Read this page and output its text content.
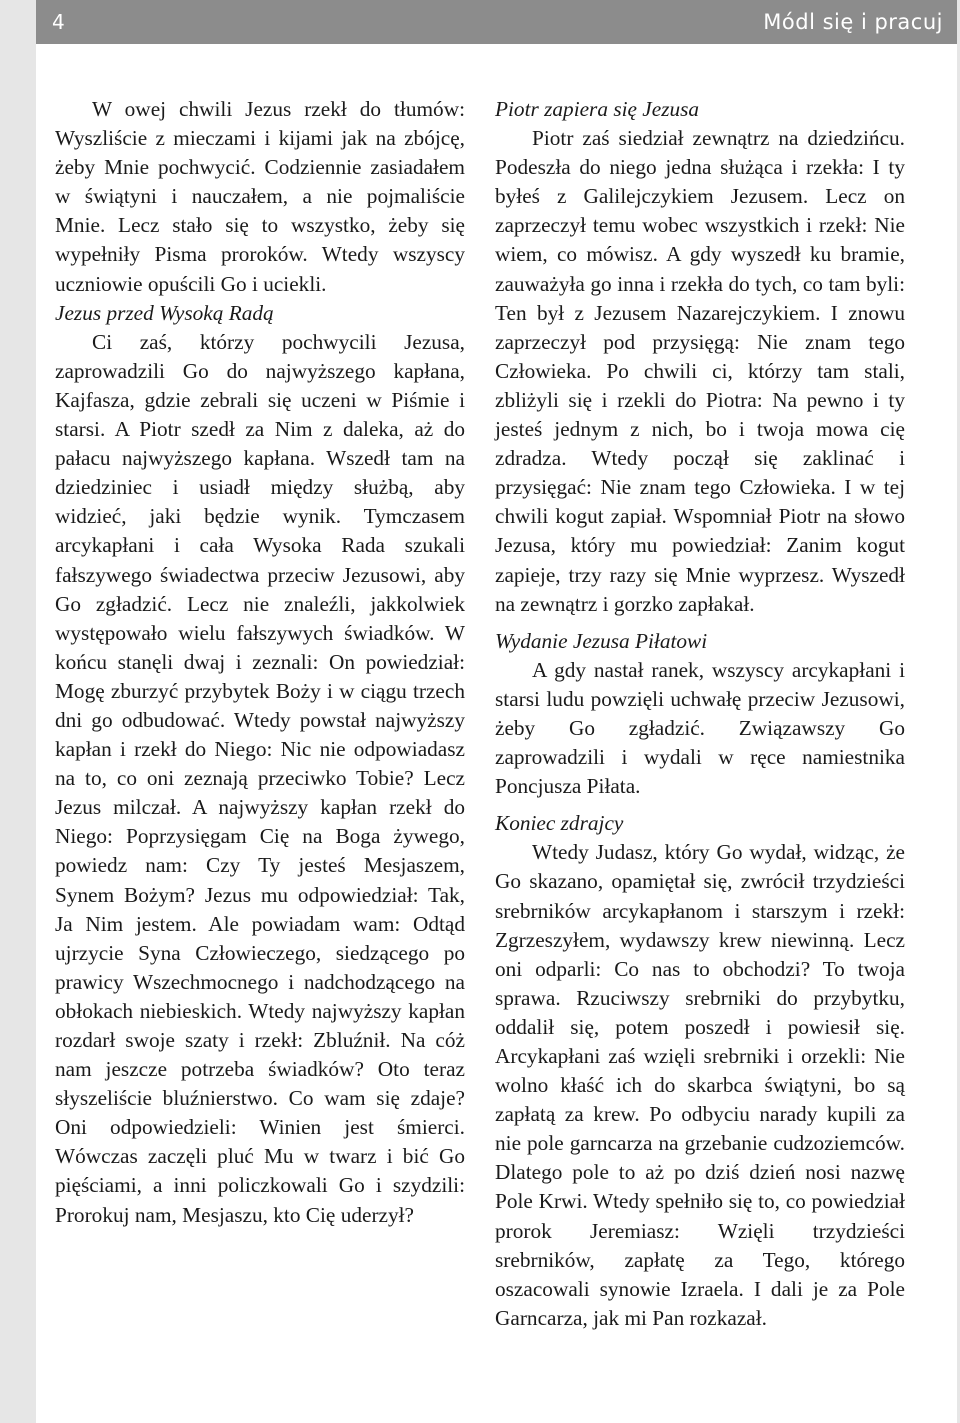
4	Módl się i pracuj

W owej chwili Jezus rzekł do tłumów: Wyszliście z mieczami i kijami jak na zbójcę, żeby Mnie pochwycić. Codziennie zasiadałem w świątyni i nauczałem, a nie pojmaliście Mnie. Lecz stało się to wszystko, żeby się wypełniły Pisma proroków. Wtedy wszyscy uczniowie opuścili Go i uciekli.

Jezus przed Wysoką Radą

Ci zaś, którzy pochwycili Jezusa, zaprowadzili Go do najwyższego kapłana, Kajfasza, gdzie zebrali się uczeni w Piśmie i starsi. A Piotr szedł za Nim z daleka, aż do pałacu najwyższego kapłana. Wszedł tam na dziedziniec i usiadł między służbą, aby widzieć, jaki będzie wynik. Tymczasem arcykapłani i cała Wysoka Rada szukali fałszywego świadectwa przeciw Jezusowi, aby Go zgładzić. Lecz nie znaleźli, jakkolwiek występowało wielu fałszywych świadków. W końcu stanęli dwaj i zeznali: On powiedział: Mogę zburzyć przybytek Boży i w ciągu trzech dni go odbudować. Wtedy powstał najwyższy kapłan i rzekł do Niego: Nic nie odpowiadasz na to, co oni zeznają przeciwko Tobie? Lecz Jezus milczał. A najwyższy kapłan rzekł do Niego: Poprzysięgam Cię na Boga żywego, powiedz nam: Czy Ty jesteś Mesjaszem, Synem Bożym? Jezus mu odpowiedział: Tak, Ja Nim jestem. Ale powiadam wam: Odtąd ujrzycie Syna Człowieczego, siedzącego po prawicy Wszechmocnego i nadchodzącego na obłokach niebieskich. Wtedy najwyższy kapłan rozdarł swoje szaty i rzekł: Zbluźnił. Na cóż nam jeszcze potrzeba świadków? Oto teraz słyszeliście bluźnierstwo. Co wam się zdaje? Oni odpowiedzieli: Winien jest śmierci. Wówczas zaczęli pluć Mu w twarz i bić Go pięściami, a inni policzkowali Go i szydzili: Prorokuj nam, Mesjaszu, kto Cię uderzył?

Piotr zapiera się Jezusa

Piotr zaś siedział zewnątrz na dziedzińcu. Podeszła do niego jedna służąca i rzekła: I ty byłeś z Galilejczykiem Jezusem. Lecz on zaprzeczył temu wobec wszystkich i rzekł: Nie wiem, co mówisz. A gdy wyszedł ku bramie, zauważyła go inna i rzekła do tych, co tam byli: Ten był z Jezusem Nazarejczykiem. I znowu zaprzeczył pod przysięgą: Nie znam tego Człowieka. Po chwili ci, którzy tam stali, zbliżyli się i rzekli do Piotra: Na pewno i ty jesteś jednym z nich, bo i twoja mowa cię zdradza. Wtedy począł się zaklinać i przysięgać: Nie znam tego Człowieka. I w tej chwili kogut zapiał. Wspomniał Piotr na słowo Jezusa, który mu powiedział: Zanim kogut zapieje, trzy razy się Mnie wyprzesz. Wyszedł na zewnątrz i gorzko zapłakał.

Wydanie Jezusa Piłatowi

A gdy nastał ranek, wszyscy arcykapłani i starsi ludu powzięli uchwałę przeciw Jezusowi, żeby Go zgładzić. Związawszy Go zaprowadzili i wydali w ręce namiestnika Poncjusza Piłata.

Koniec zdrajcy

Wtedy Judasz, który Go wydał, widząc, że Go skazano, opamiętał się, zwrócił trzydzieści srebrników arcykapłanom i starszym i rzekł: Zgrzeszyłem, wydawszy krew niewinną. Lecz oni odparli: Co nas to obchodzi? To twoja sprawa. Rzuciwszy srebrniki do przybytku, oddalił się, potem poszedł i powiesił się. Arcykapłani zaś wzięli srebrniki i orzekli: Nie wolno kłaść ich do skarbca świątyni, bo są zapłatą za krew. Po odbyciu narady kupili za nie pole garncarza na grzebanie cudzoziemców. Dlatego pole to aż po dziś dzień nosi nazwę Pole Krwi. Wtedy spełniło się to, co powiedział prorok Jeremiasz: Wzięli trzydzieści srebrników, zapłatę za Tego, którego oszacowali synowie Izraela. I dali je za Pole Garncarza, jak mi Pan rozkazał.
